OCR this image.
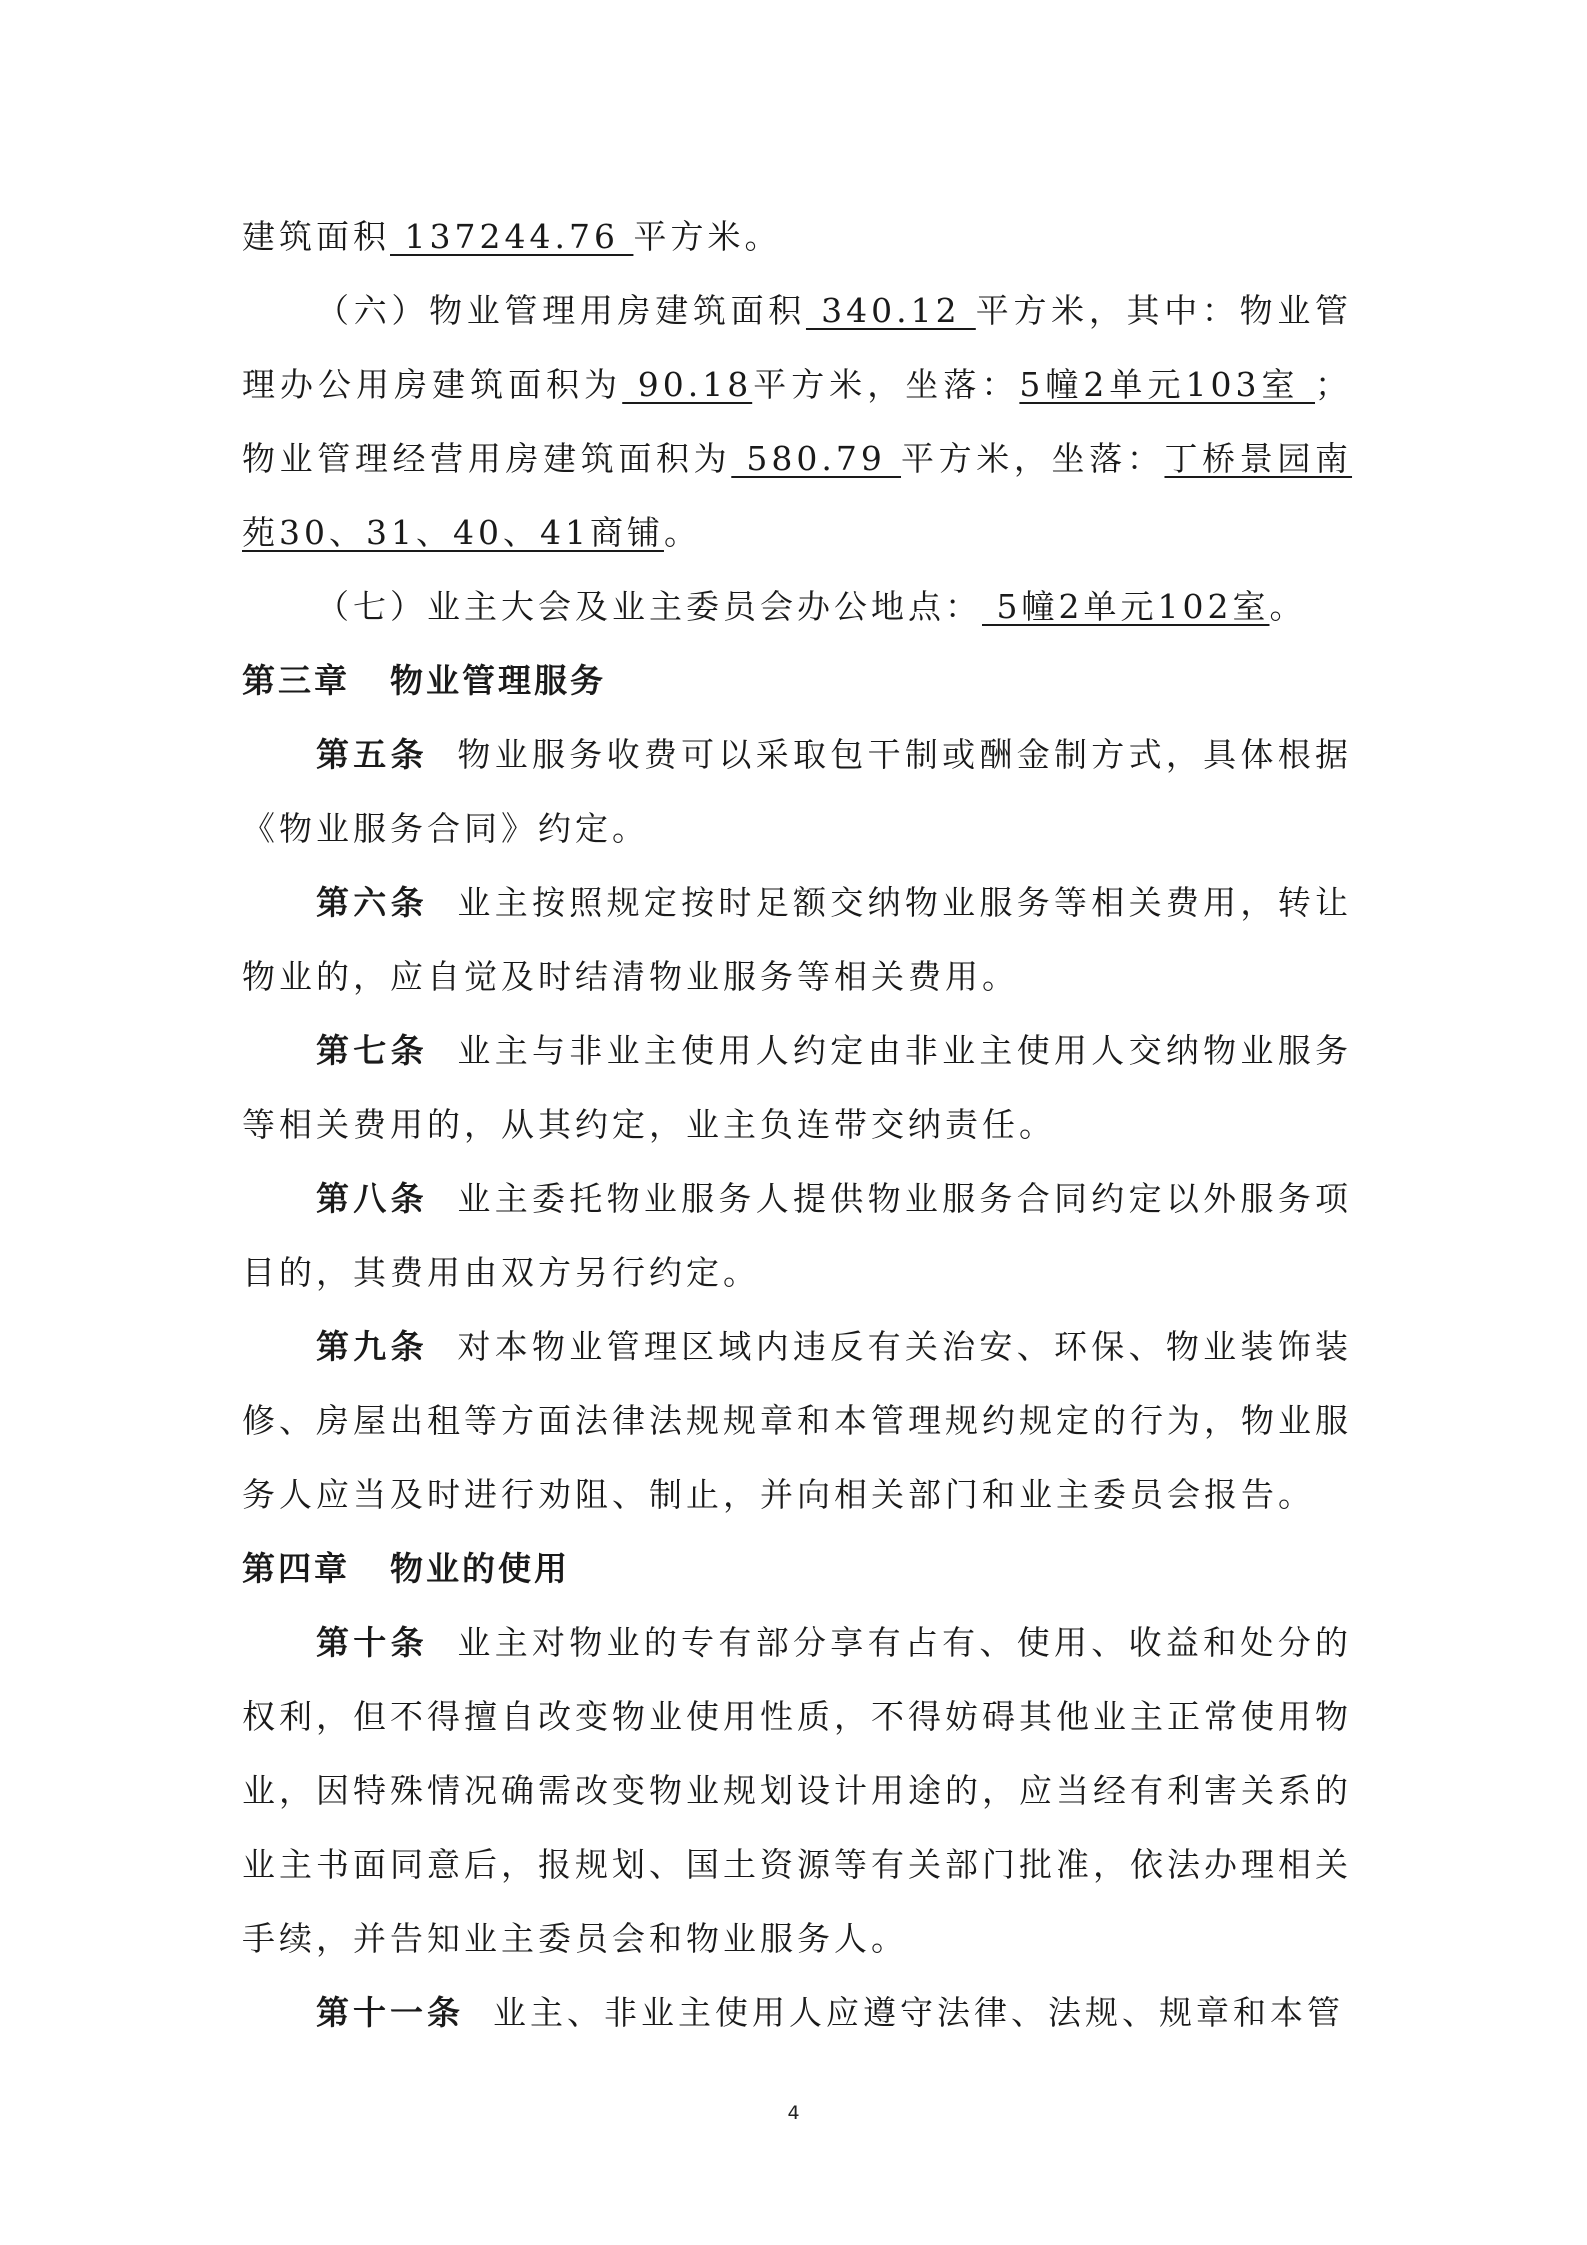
建筑面积 137244.76 平方米。

（六）物业管理用房建筑面积 340.12 平方米，其中：物业管理办公用房建筑面积为 90.18平方米，坐落：5幢2单元103室 ；物业管理经营用房建筑面积为 580.79 平方米，坐落：丁桥景园南苑30、31、40、41商铺。

（七）业主大会及业主委员会办公地点： 5幢2单元102室。

第三章 物业管理服务

第五条 物业服务收费可以采取包干制或酬金制方式，具体根据《物业服务合同》约定。

第六条 业主按照规定按时足额交纳物业服务等相关费用，转让物业的，应自觉及时结清物业服务等相关费用。

第七条 业主与非业主使用人约定由非业主使用人交纳物业服务等相关费用的，从其约定，业主负连带交纳责任。

第八条 业主委托物业服务人提供物业服务合同约定以外服务项目的，其费用由双方另行约定。

第九条 对本物业管理区域内违反有关治安、环保、物业装饰装修、房屋出租等方面法律法规规章和本管理规约规定的行为，物业服务人应当及时进行劝阻、制止，并向相关部门和业主委员会报告。

第四章 物业的使用

第十条 业主对物业的专有部分享有占有、使用、收益和处分的权利，但不得擅自改变物业使用性质，不得妨碍其他业主正常使用物业，因特殊情况确需改变物业规划设计用途的，应当经有利害关系的业主书面同意后，报规划、国土资源等有关部门批准，依法办理相关手续，并告知业主委员会和物业服务人。

第十一条 业主、非业主使用人应遵守法律、法规、规章和本管

4
